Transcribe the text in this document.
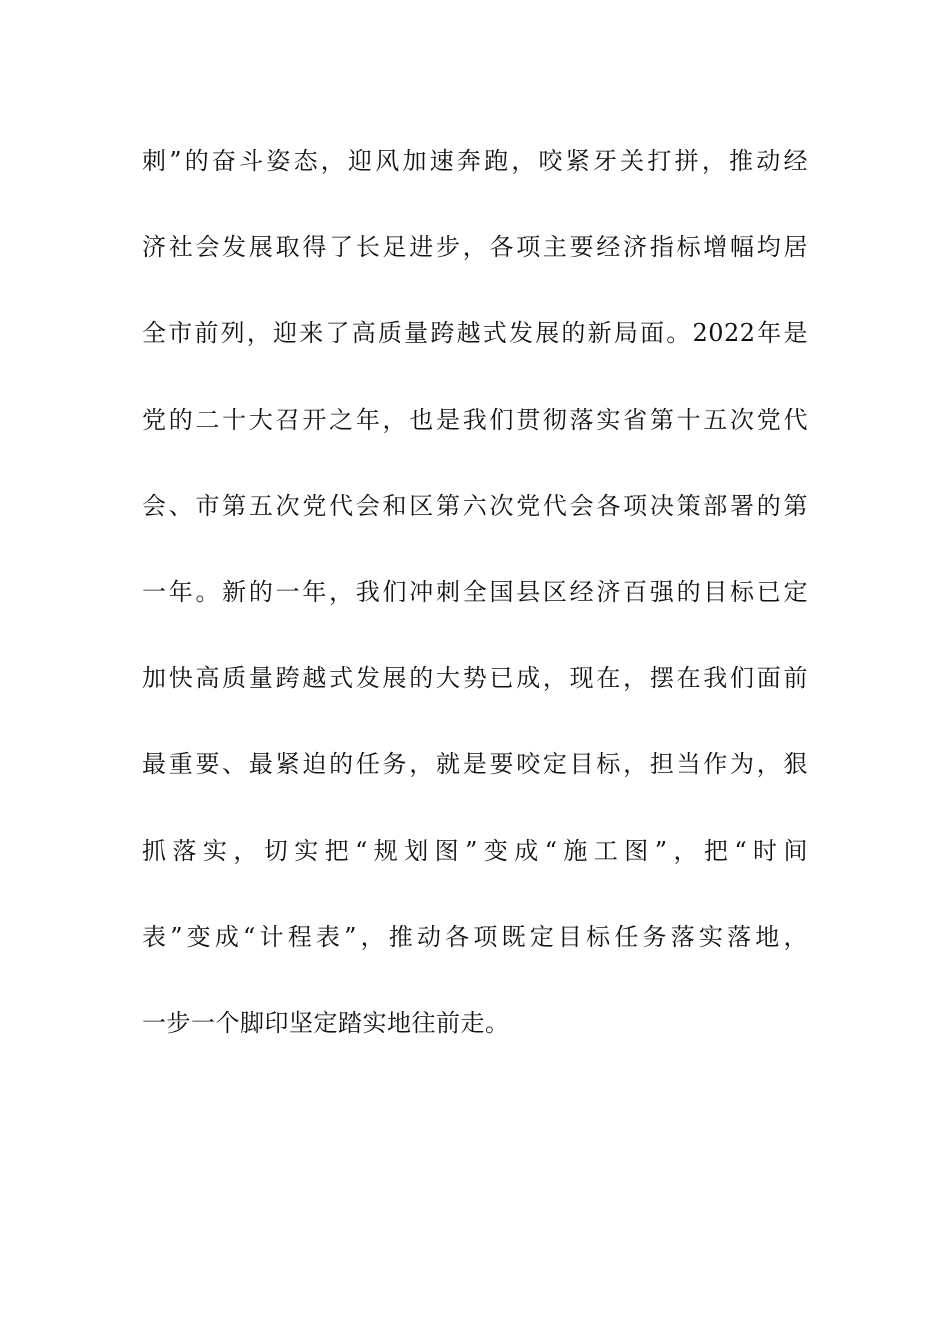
刺”的奋斗姿态，迎风加速奔跑，咬紧牙关打拼，推动经
济社会发展取得了长足进步，各项主要经济指标增幅均居
全市前列，迎来了高质量跨越式发展的新局面。2022年是
党的二十大召开之年，也是我们贯彻落实省第十五次党代
会、市第五次党代会和区第六次党代会各项决策部署的第
一年。新的一年，我们冲刺全国县区经济百强的目标已定
加快高质量跨越式发展的大势已成，现在，摆在我们面前
最重要、最紧迫的任务，就是要咬定目标，担当作为，狠
抓落实，切实把“规划图”变成“施工图”，把“时间
表”变成“计程表”，推动各项既定目标任务落实落地，
一步一个脚印坚定踏实地往前走。
